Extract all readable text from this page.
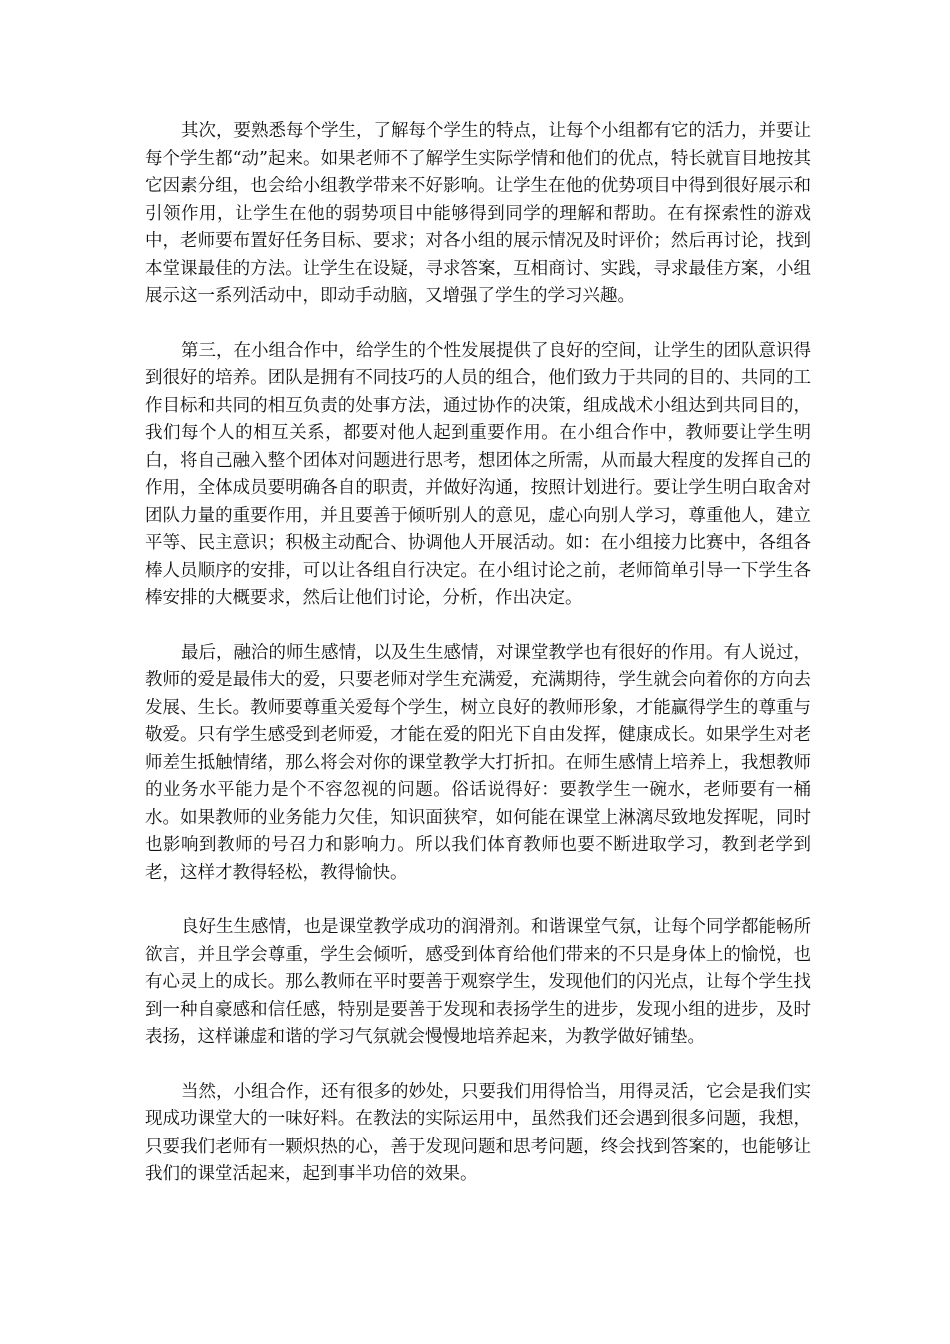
其次，要熟悉每个学生，了解每个学生的特点，让每个小组都有它的活力，并要让每个学生都“动”起来。如果老师不了解学生实际学情和他们的优点，特长就盲目地按其它因素分组，也会给小组教学带来不好影响。让学生在他的优势项目中得到很好展示和引领作用，让学生在他的弱势项目中能够得到同学的理解和帮助。在有探索性的游戏中，老师要布置好任务目标、要求；对各小组的展示情况及时评价；然后再讨论，找到本堂课最佳的方法。让学生在设疑，寻求答案，互相商讨、实践，寻求最佳方案，小组展示这一系列活动中，即动手动脑，又增强了学生的学习兴趣。

第三，在小组合作中，给学生的个性发展提供了良好的空间，让学生的团队意识得到很好的培养。团队是拥有不同技巧的人员的组合，他们致力于共同的目的、共同的工作目标和共同的相互负责的处事方法，通过协作的决策，组成战术小组达到共同目的，我们每个人的相互关系，都要对他人起到重要作用。在小组合作中，教师要让学生明白，将自己融入整个团体对问题进行思考，想团体之所需，从而最大程度的发挥自己的作用，全体成员要明确各自的职责，并做好沟通，按照计划进行。要让学生明白取舍对团队力量的重要作用，并且要善于倾听别人的意见，虚心向别人学习，尊重他人，建立平等、民主意识；积极主动配合、协调他人开展活动。如：在小组接力比赛中，各组各棒人员顺序的安排，可以让各组自行决定。在小组讨论之前，老师简单引导一下学生各棒安排的大概要求，然后让他们讨论，分析，作出决定。

最后，融洽的师生感情，以及生生感情，对课堂教学也有很好的作用。有人说过，教师的爱是最伟大的爱，只要老师对学生充满爱，充满期待，学生就会向着你的方向去发展、生长。教师要尊重关爱每个学生，树立良好的教师形象，才能赢得学生的尊重与敬爱。只有学生感受到老师爱，才能在爱的阳光下自由发挥，健康成长。如果学生对老师差生抵触情绪，那么将会对你的课堂教学大打折扣。在师生感情上培养上，我想教师的业务水平能力是个不容忽视的问题。俗话说得好：要教学生一碗水，老师要有一桶水。如果教师的业务能力欠佳，知识面狭窄，如何能在课堂上淋漓尽致地发挥呢，同时也影响到教师的号召力和影响力。所以我们体育教师也要不断进取学习，教到老学到老，这样才教得轻松，教得愉快。

良好生生感情，也是课堂教学成功的润滑剂。和谐课堂气氛，让每个同学都能畅所欲言，并且学会尊重，学生会倾听，感受到体育给他们带来的不只是身体上的愉悦，也有心灵上的成长。那么教师在平时要善于观察学生，发现他们的闪光点，让每个学生找到一种自豪感和信任感，特别是要善于发现和表扬学生的进步，发现小组的进步，及时表扬，这样谦虚和谐的学习气氛就会慢慢地培养起来，为教学做好铺垫。

当然，小组合作，还有很多的妙处，只要我们用得恰当，用得灵活，它会是我们实现成功课堂大的一味好料。在教法的实际运用中，虽然我们还会遇到很多问题，我想，只要我们老师有一颗炽热的心，善于发现问题和思考问题，终会找到答案的，也能够让我们的课堂活起来，起到事半功倍的效果。
